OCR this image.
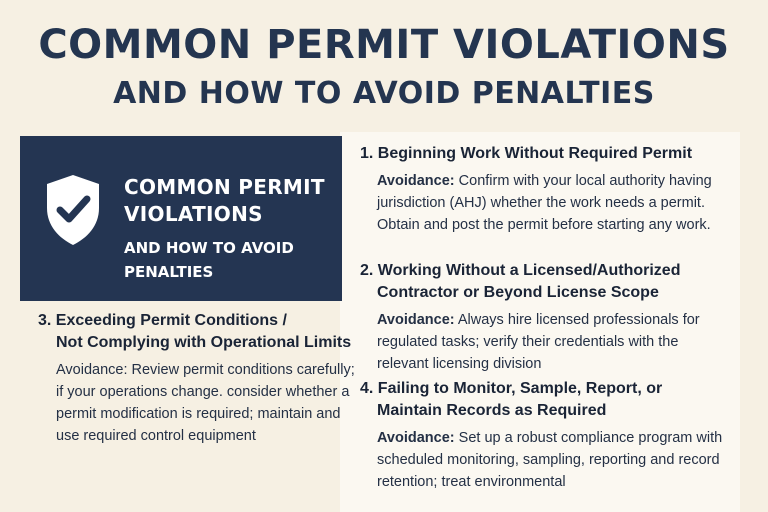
COMMON PERMIT VIOLATIONS
AND HOW TO AVOID PENALTIES
COMMON PERMIT VIOLATIONS
AND HOW TO AVOID PENALTIES
3. Exceeding Permit Conditions /
Not Complying with Operational Limits
Avoidance: Review permit conditions carefully; if your operations change. consider whether a permit modification is required; maintain and use required control equipment
1. Beginning Work Without Required Permit
Avoidance: Confirm with your local authority having jurisdiction (AHJ) whether the work needs a permit. Obtain and post the permit before starting any work.
2. Working Without a Licensed/Authorized
Contractor or Beyond License Scope
Avoidance: Always hire licensed professionals for regulated tasks; verify their credentials with the relevant licensing division
4. Failing to Monitor, Sample, Report, or
Maintain Records as Required
Avoidance: Set up a robust compliance program with scheduled monitoring, sampling, reporting and record retention; treat environmental
